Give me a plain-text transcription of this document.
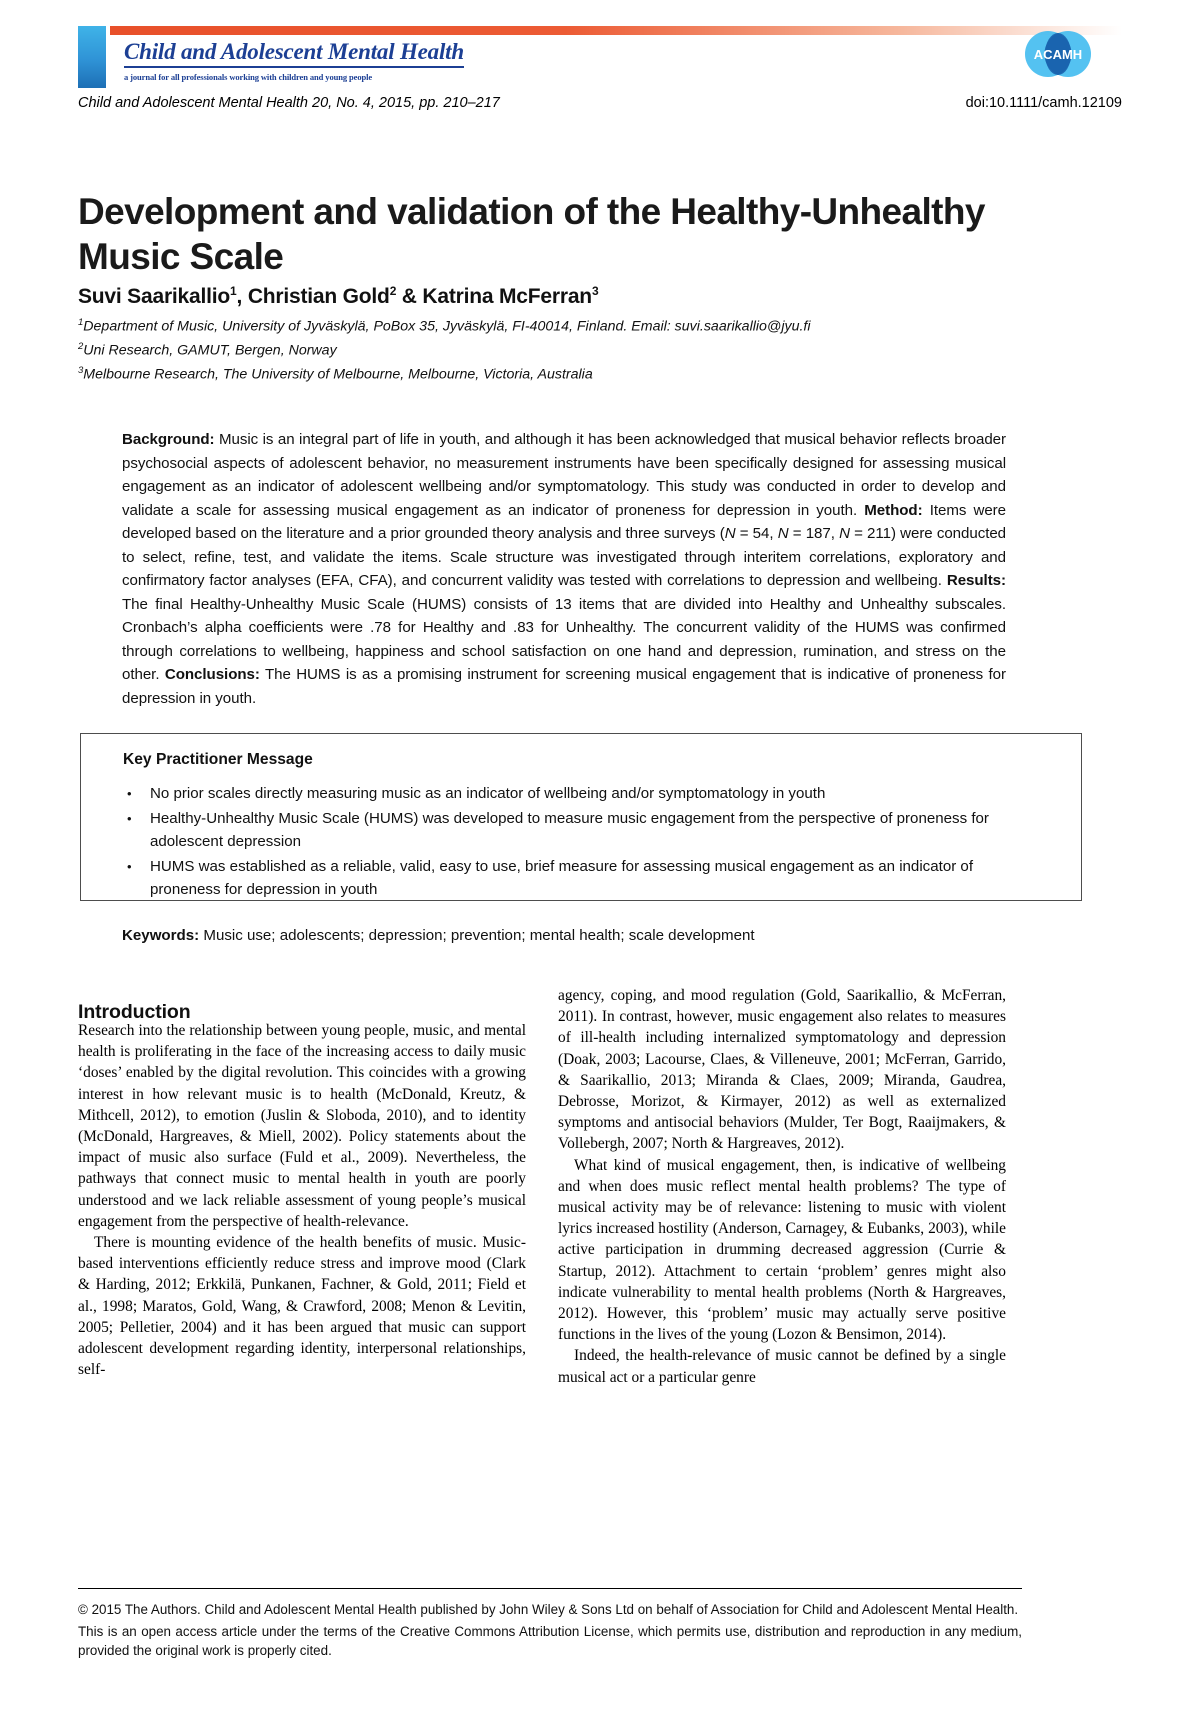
Child and Adolescent Mental Health
a journal for all professionals working with children and young people
ACAMH
Child and Adolescent Mental Health 20, No. 4, 2015, pp. 210–217	doi:10.1111/camh.12109
Development and validation of the Healthy-Unhealthy Music Scale
Suvi Saarikallio$^1$, Christian Gold$^2$ & Katrina McFerran$^3$
$^1$Department of Music, University of Jyväskylä, PoBox 35, Jyväskylä, FI-40014, Finland. Email: suvi.saarikallio@jyu.fi
$^2$Uni Research, GAMUT, Bergen, Norway
$^3$Melbourne Research, The University of Melbourne, Melbourne, Victoria, Australia
Background: Music is an integral part of life in youth, and although it has been acknowledged that musical behavior reflects broader psychosocial aspects of adolescent behavior, no measurement instruments have been specifically designed for assessing musical engagement as an indicator of adolescent wellbeing and/or symptomatology. This study was conducted in order to develop and validate a scale for assessing musical engagement as an indicator of proneness for depression in youth. Method: Items were developed based on the literature and a prior grounded theory analysis and three surveys (N = 54, N = 187, N = 211) were conducted to select, refine, test, and validate the items. Scale structure was investigated through interitem correlations, exploratory and confirmatory factor analyses (EFA, CFA), and concurrent validity was tested with correlations to depression and wellbeing. Results: The final Healthy-Unhealthy Music Scale (HUMS) consists of 13 items that are divided into Healthy and Unhealthy subscales. Cronbach’s alpha coefficients were .78 for Healthy and .83 for Unhealthy. The concurrent validity of the HUMS was confirmed through correlations to wellbeing, happiness and school satisfaction on one hand and depression, rumination, and stress on the other. Conclusions: The HUMS is as a promising instrument for screening musical engagement that is indicative of proneness for depression in youth.
Key Practitioner Message
• No prior scales directly measuring music as an indicator of wellbeing and/or symptomatology in youth
• Healthy-Unhealthy Music Scale (HUMS) was developed to measure music engagement from the perspective of proneness for adolescent depression
• HUMS was established as a reliable, valid, easy to use, brief measure for assessing musical engagement as an indicator of proneness for depression in youth
Keywords: Music use; adolescents; depression; prevention; mental health; scale development
Introduction

Research into the relationship between young people, music, and mental health is proliferating in the face of the increasing access to daily music ‘doses’ enabled by the digital revolution. This coincides with a growing interest in how relevant music is to health (McDonald, Kreutz, & Mithcell, 2012), to emotion (Juslin & Sloboda, 2010), and to identity (McDonald, Hargreaves, & Miell, 2002). Policy statements about the impact of music also surface (Fuld et al., 2009). Nevertheless, the pathways that connect music to mental health in youth are poorly understood and we lack reliable assessment of young people’s musical engagement from the perspective of health-relevance.

There is mounting evidence of the health benefits of music. Music-based interventions efficiently reduce stress and improve mood (Clark & Harding, 2012; Erkkilä, Punkanen, Fachner, & Gold, 2011; Field et al., 1998; Maratos, Gold, Wang, & Crawford, 2008; Menon & Levitin, 2005; Pelletier, 2004) and it has been argued that music can support adolescent development regarding identity, interpersonal relationships, self-

agency, coping, and mood regulation (Gold, Saarikallio, & McFerran, 2011). In contrast, however, music engagement also relates to measures of ill-health including internalized symptomatology and depression (Doak, 2003; Lacourse, Claes, & Villeneuve, 2001; McFerran, Garrido, & Saarikallio, 2013; Miranda & Claes, 2009; Miranda, Gaudrea, Debrosse, Morizot, & Kirmayer, 2012) as well as externalized symptoms and antisocial behaviors (Mulder, Ter Bogt, Raaijmakers, & Vollebergh, 2007; North & Hargreaves, 2012).

What kind of musical engagement, then, is indicative of wellbeing and when does music reflect mental health problems? The type of musical activity may be of relevance: listening to music with violent lyrics increased hostility (Anderson, Carnagey, & Eubanks, 2003), while active participation in drumming decreased aggression (Currie & Startup, 2012). Attachment to certain ‘problem’ genres might also indicate vulnerability to mental health problems (North & Hargreaves, 2012). However, this ‘problem’ music may actually serve positive functions in the lives of the young (Lozon & Bensimon, 2014).

Indeed, the health-relevance of music cannot be defined by a single musical act or a particular genre

© 2015 The Authors. Child and Adolescent Mental Health published by John Wiley & Sons Ltd on behalf of Association for Child and Adolescent Mental Health.
This is an open access article under the terms of the Creative Commons Attribution License, which permits use, distribution and reproduction in any medium, provided the original work is properly cited.
